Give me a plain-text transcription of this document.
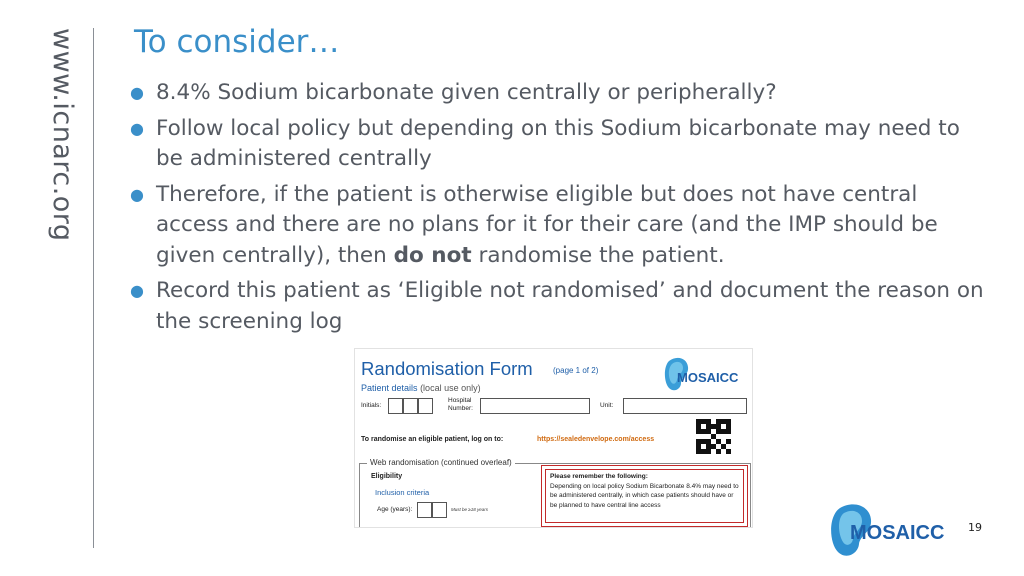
www.icnarc.org To consider…
● 8.4% Sodium bicarbonate given centrally or peripherally?
● Follow local policy but depending on this Sodium bicarbonate may need to be administered centrally
● Therefore, if the patient is otherwise eligible but does not have central access and there are no plans for it for their care (and the IMP should be given centrally), then do not randomise the patient.
● Record this patient as ‘Eligible not randomised’ and document the reason on the screening log
Randomisation Form	(page 1 of 2)	MOSAICC
Patient details (local use only)
Initials:
Hospital
Number:	Unit:
To randomise an eligible patient, log on to:	https://sealedenvelope.com/access
Web randomisation (continued overleaf)
Eligibility
Inclusion criteria
Age (years):	Must be ≥18 years
Please remember the following:
Depending on local policy Sodium Bicarbonate 8.4% may need to be administered centrally, in which case patients should have or be planned to have central line access
MOSAICC 19
